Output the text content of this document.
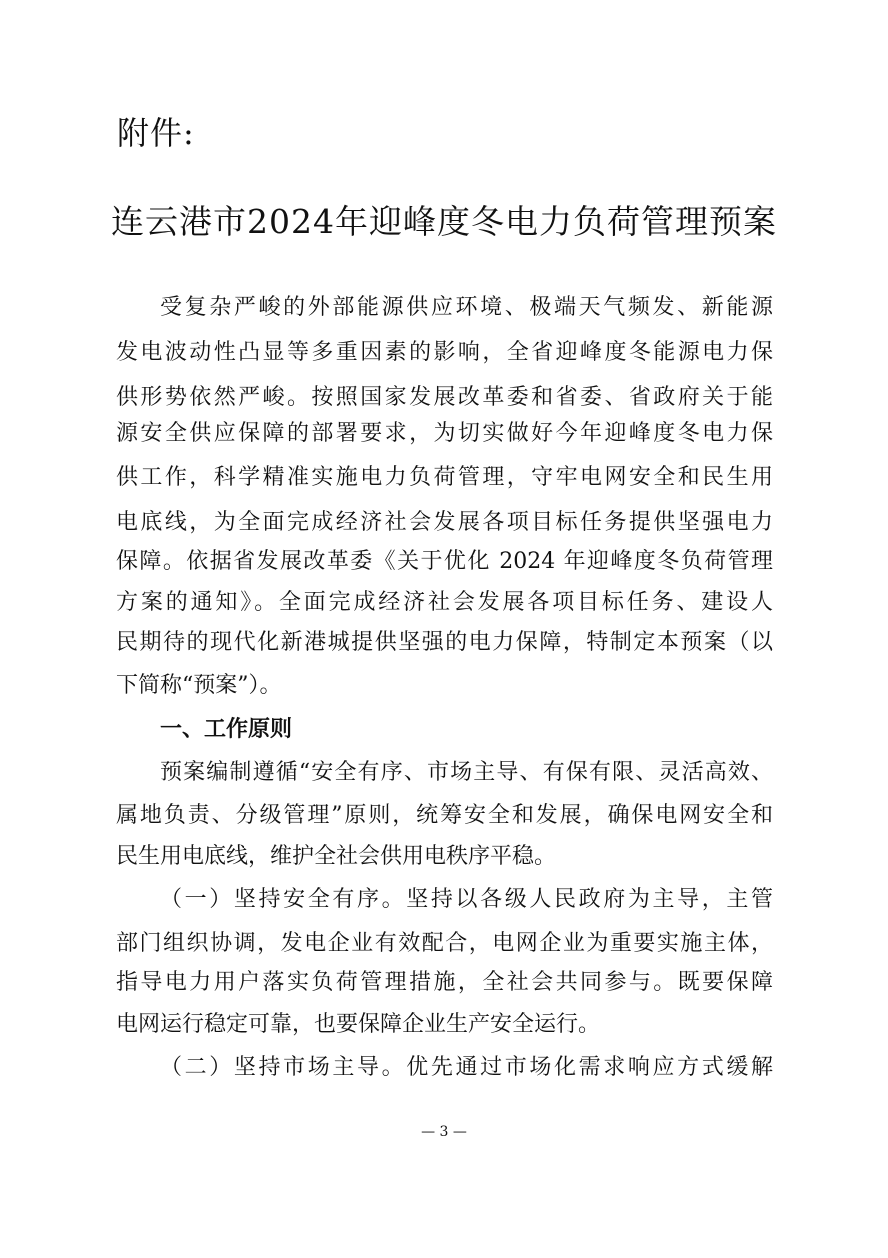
附件:
连云港市2024年迎峰度冬电力负荷管理预案
受复杂严峻的外部能源供应环境、极端天气频发、新能源
发电波动性凸显等多重因素的影响，全省迎峰度冬能源电力保
供形势依然严峻。按照国家发展改革委和省委、省政府关于能
源安全供应保障的部署要求，为切实做好今年迎峰度冬电力保
供工作，科学精准实施电力负荷管理，守牢电网安全和民生用
电底线，为全面完成经济社会发展各项目标任务提供坚强电力
保障。依据省发展改革委《关于优化 2024 年迎峰度冬负荷管理
方案的通知》。全面完成经济社会发展各项目标任务、建设人
民期待的现代化新港城提供坚强的电力保障，特制定本预案（以
下简称“预案”）。
一、工作原则
预案编制遵循“安全有序、市场主导、有保有限、灵活高效、
属地负责、分级管理”原则，统筹安全和发展，确保电网安全和
民生用电底线，维护全社会供用电秩序平稳。
（一）坚持安全有序。坚持以各级人民政府为主导，主管
部门组织协调，发电企业有效配合，电网企业为重要实施主体，
指导电力用户落实负荷管理措施，全社会共同参与。既要保障
电网运行稳定可靠，也要保障企业生产安全运行。
（二）坚持市场主导。优先通过市场化需求响应方式缓解
— 3 —
